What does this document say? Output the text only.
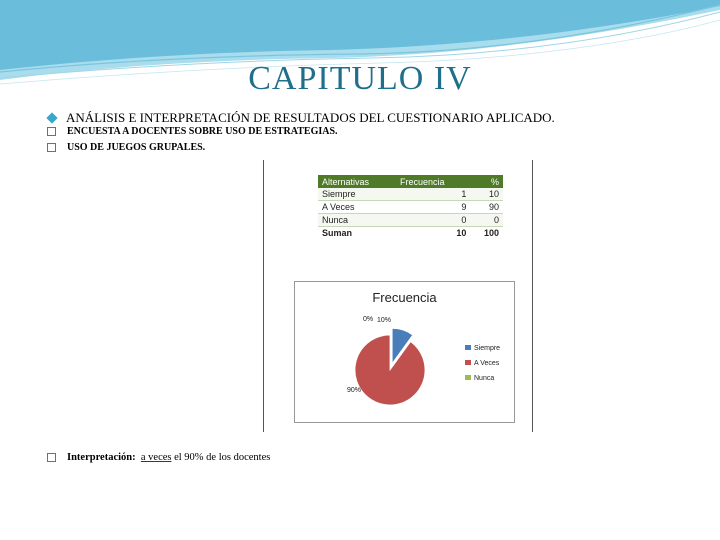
CAPITULO IV
ANÁLISIS E INTERPRETACIÓN DE RESULTADOS DEL CUESTIONARIO APLICADO.
ENCUESTA A DOCENTES SOBRE USO DE ESTRATEGIAS.
USO DE JUEGOS GRUPALES.
Alternativas	Frecuencia	%
Siempre	1	10
A Veces	9	90
Nunca	0	0
Suman	10	100
Frecuencia
10%
90%
0%
Siempre
A Veces
Nunca
Interpretación:
a veces el 90% de los docentes
